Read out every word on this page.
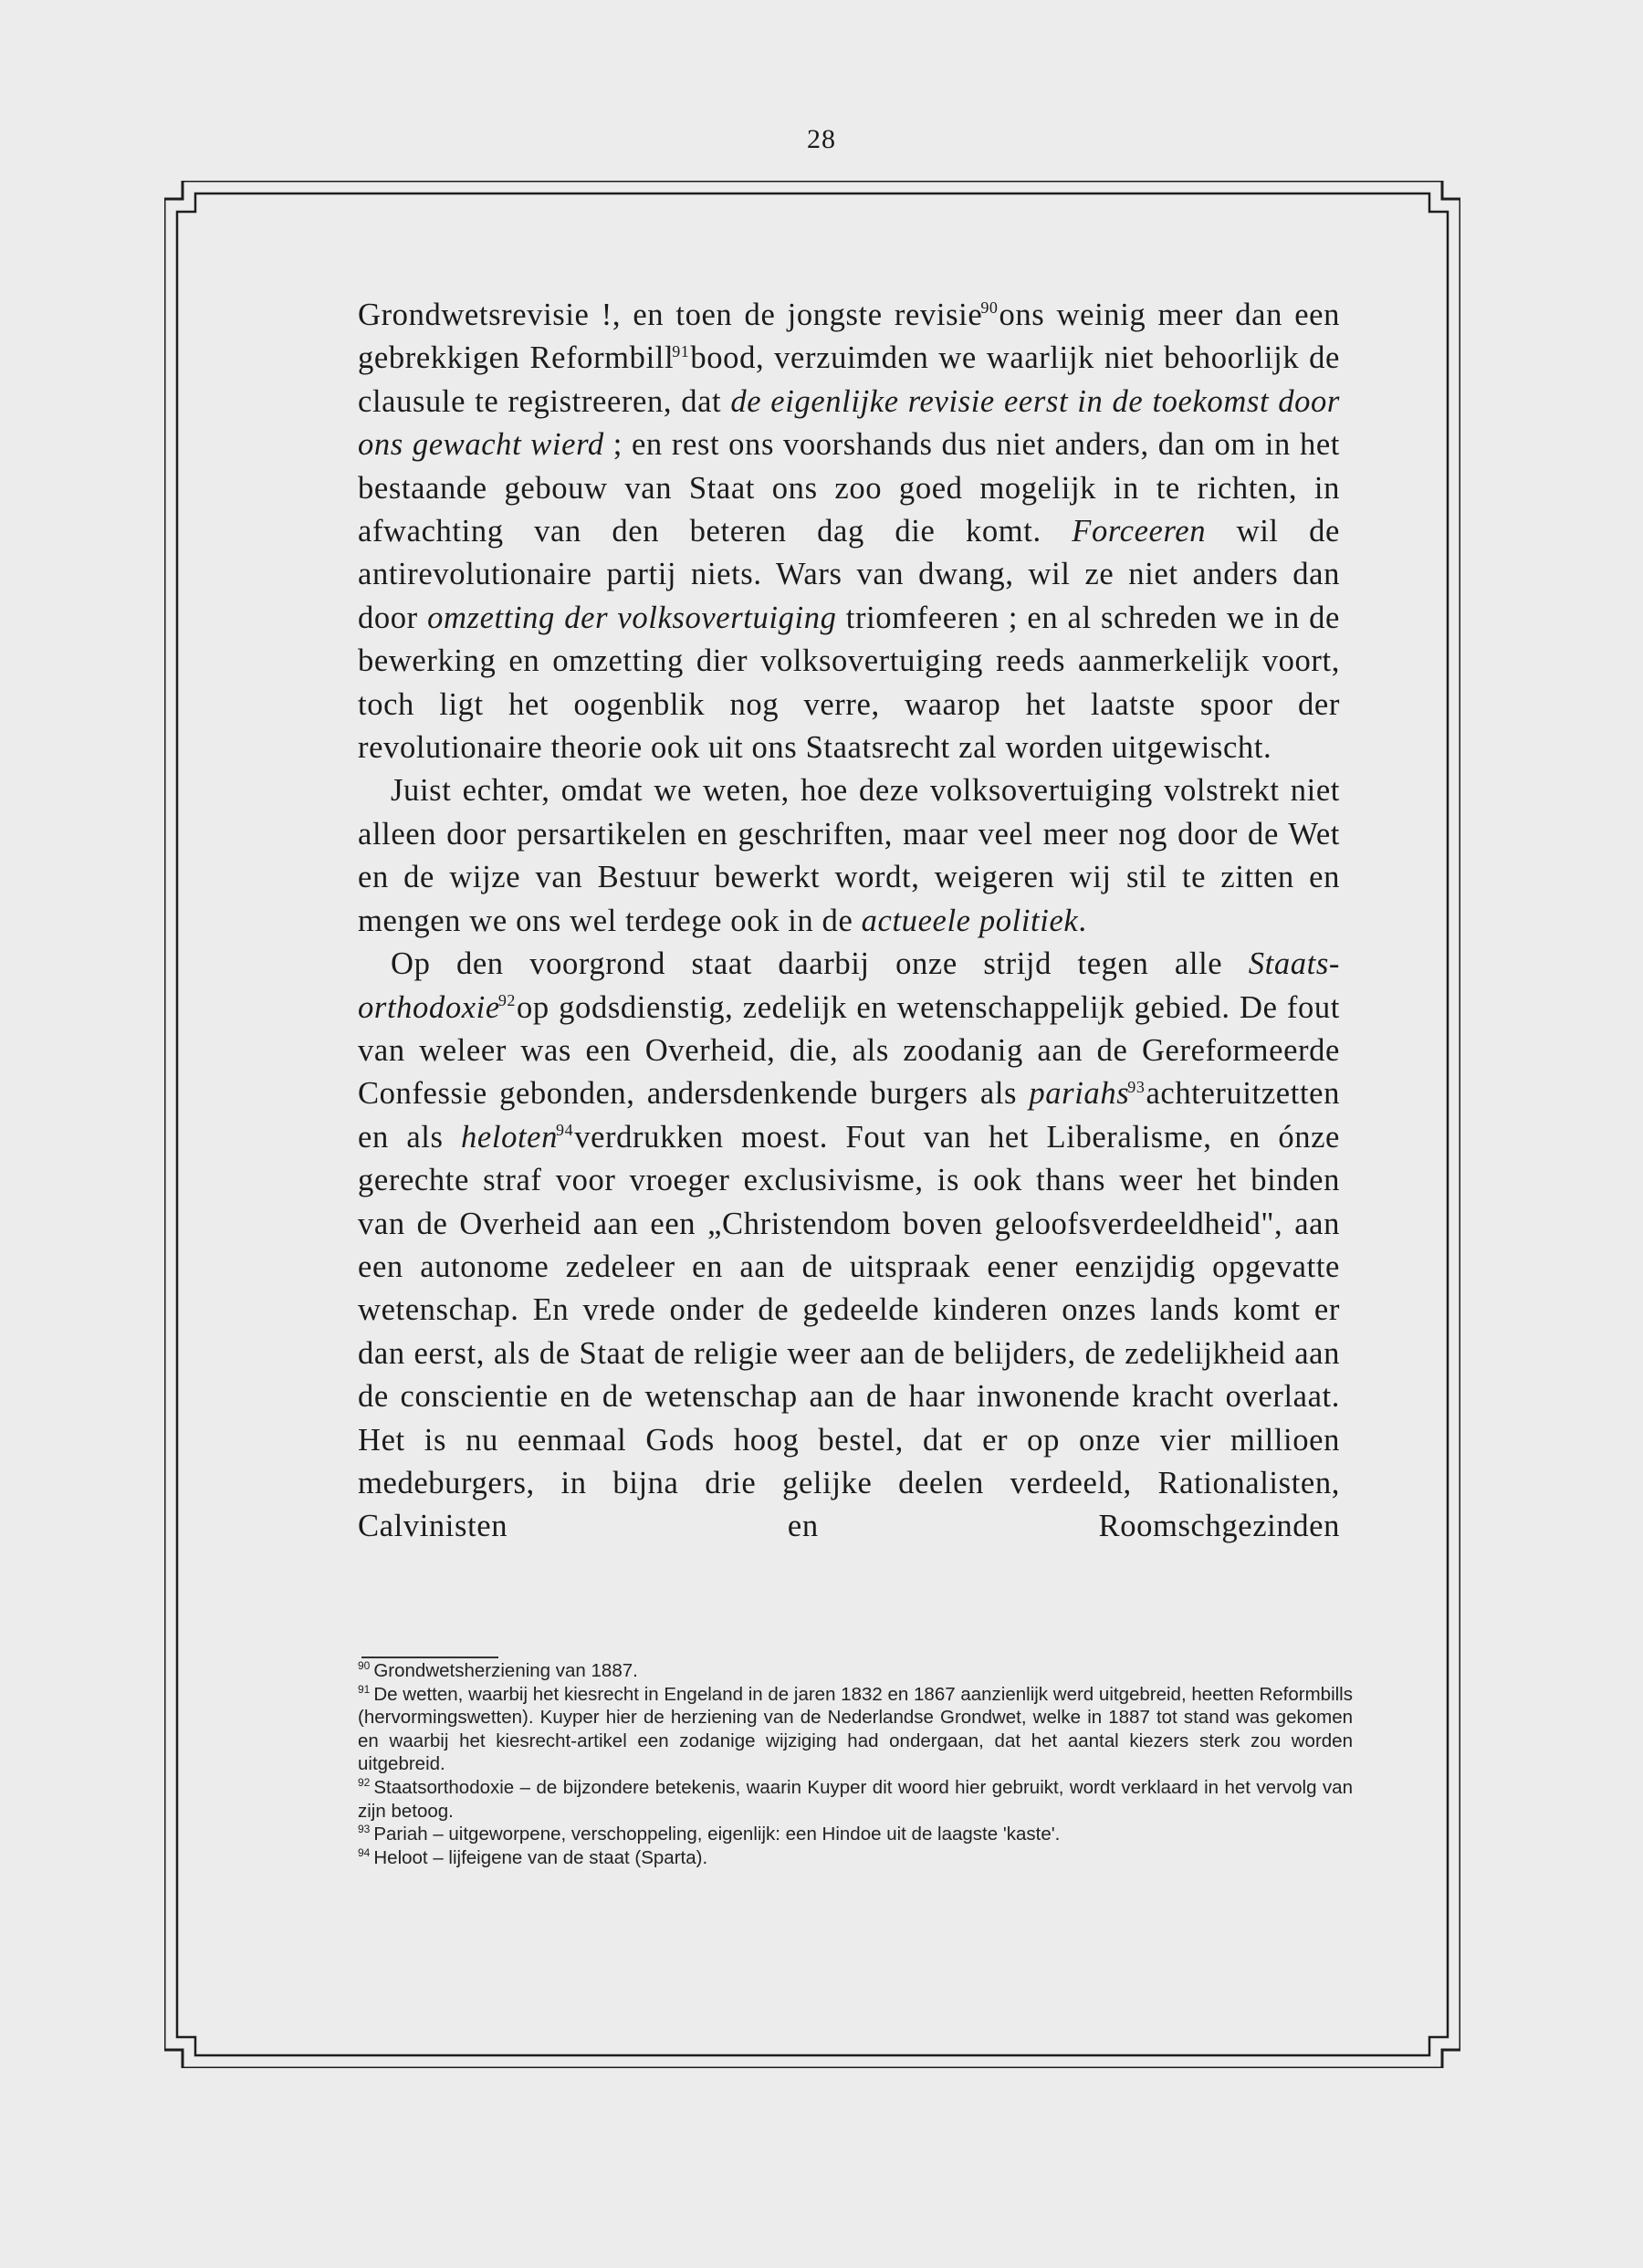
28

Grondwetsrevisie !, en toen de jongste revisie$^{90}$ons weinig meer dan een gebrekkigen Reformbill$^{91}$bood, verzuimden we waarlijk niet behoorlijk de clausule te registreeren, dat de eigenlijke revisie eerst in de toekomst door ons gewacht wierd ; en rest ons voorshands dus niet anders, dan om in het bestaande gebouw van Staat ons zoo goed mogelijk in te richten, in afwachting van den beteren dag die komt. Forceeren wil de antirevolutionaire partij niets. Wars van dwang, wil ze niet anders dan door omzetting der volksovertuiging triomfeeren ; en al schreden we in de bewerking en omzetting dier volksovertuiging reeds aanmerkelijk voort, toch ligt het oogenblik nog verre, waarop het laatste spoor der revolutionaire theorie ook uit ons Staatsrecht zal worden uitgewischt.

Juist echter, omdat we weten, hoe deze volksovertuiging volstrekt niet alleen door persartikelen en geschriften, maar veel meer nog door de Wet en de wijze van Bestuur bewerkt wordt, weigeren wij stil te zitten en mengen we ons wel terdege ook in de actueele politiek.

Op den voorgrond staat daarbij onze strijd tegen alle Staats-orthodoxie$^{92}$op godsdienstig, zedelijk en wetenschappelijk gebied. De fout van weleer was een Overheid, die, als zoodanig aan de Gereformeerde Confessie gebonden, andersdenkende burgers als pariahs$^{93}$achteruitzetten en als heloten$^{94}$verdrukken moest. Fout van het Liberalisme, en ónze gerechte straf voor vroeger exclusivisme, is ook thans weer het binden van de Overheid aan een „Christendom boven geloofsverdeeldheid", aan een autonome zedeleer en aan de uitspraak eener eenzijdig opgevatte wetenschap. En vrede onder de gedeelde kinderen onzes lands komt er dan eerst, als de Staat de religie weer aan de belijders, de zedelijkheid aan de conscientie en de wetenschap aan de haar inwonende kracht overlaat. Het is nu eenmaal Gods hoog bestel, dat er op onze vier millioen medeburgers, in bijna drie gelijke deelen verdeeld, Rationalisten, Calvinisten en Roomschgezinden

$^{90}$ Grondwetsherziening van 1887.

$^{91}$ De wetten, waarbij het kiesrecht in Engeland in de jaren 1832 en 1867 aanzienlijk werd uitgebreid, heetten Reformbills (hervormingswetten). Kuyper hier de herziening van de Nederlandse Grondwet, welke in 1887 tot stand was gekomen en waarbij het kiesrecht-artikel een zodanige wijziging had ondergaan, dat het aantal kiezers sterk zou worden uitgebreid.

$^{92}$ Staatsorthodoxie – de bijzondere betekenis, waarin Kuyper dit woord hier gebruikt, wordt verklaard in het vervolg van zijn betoog.

$^{93}$ Pariah – uitgeworpene, verschoppeling, eigenlijk: een Hindoe uit de laagste 'kaste'.

$^{94}$ Heloot – lijfeigene van de staat (Sparta).
